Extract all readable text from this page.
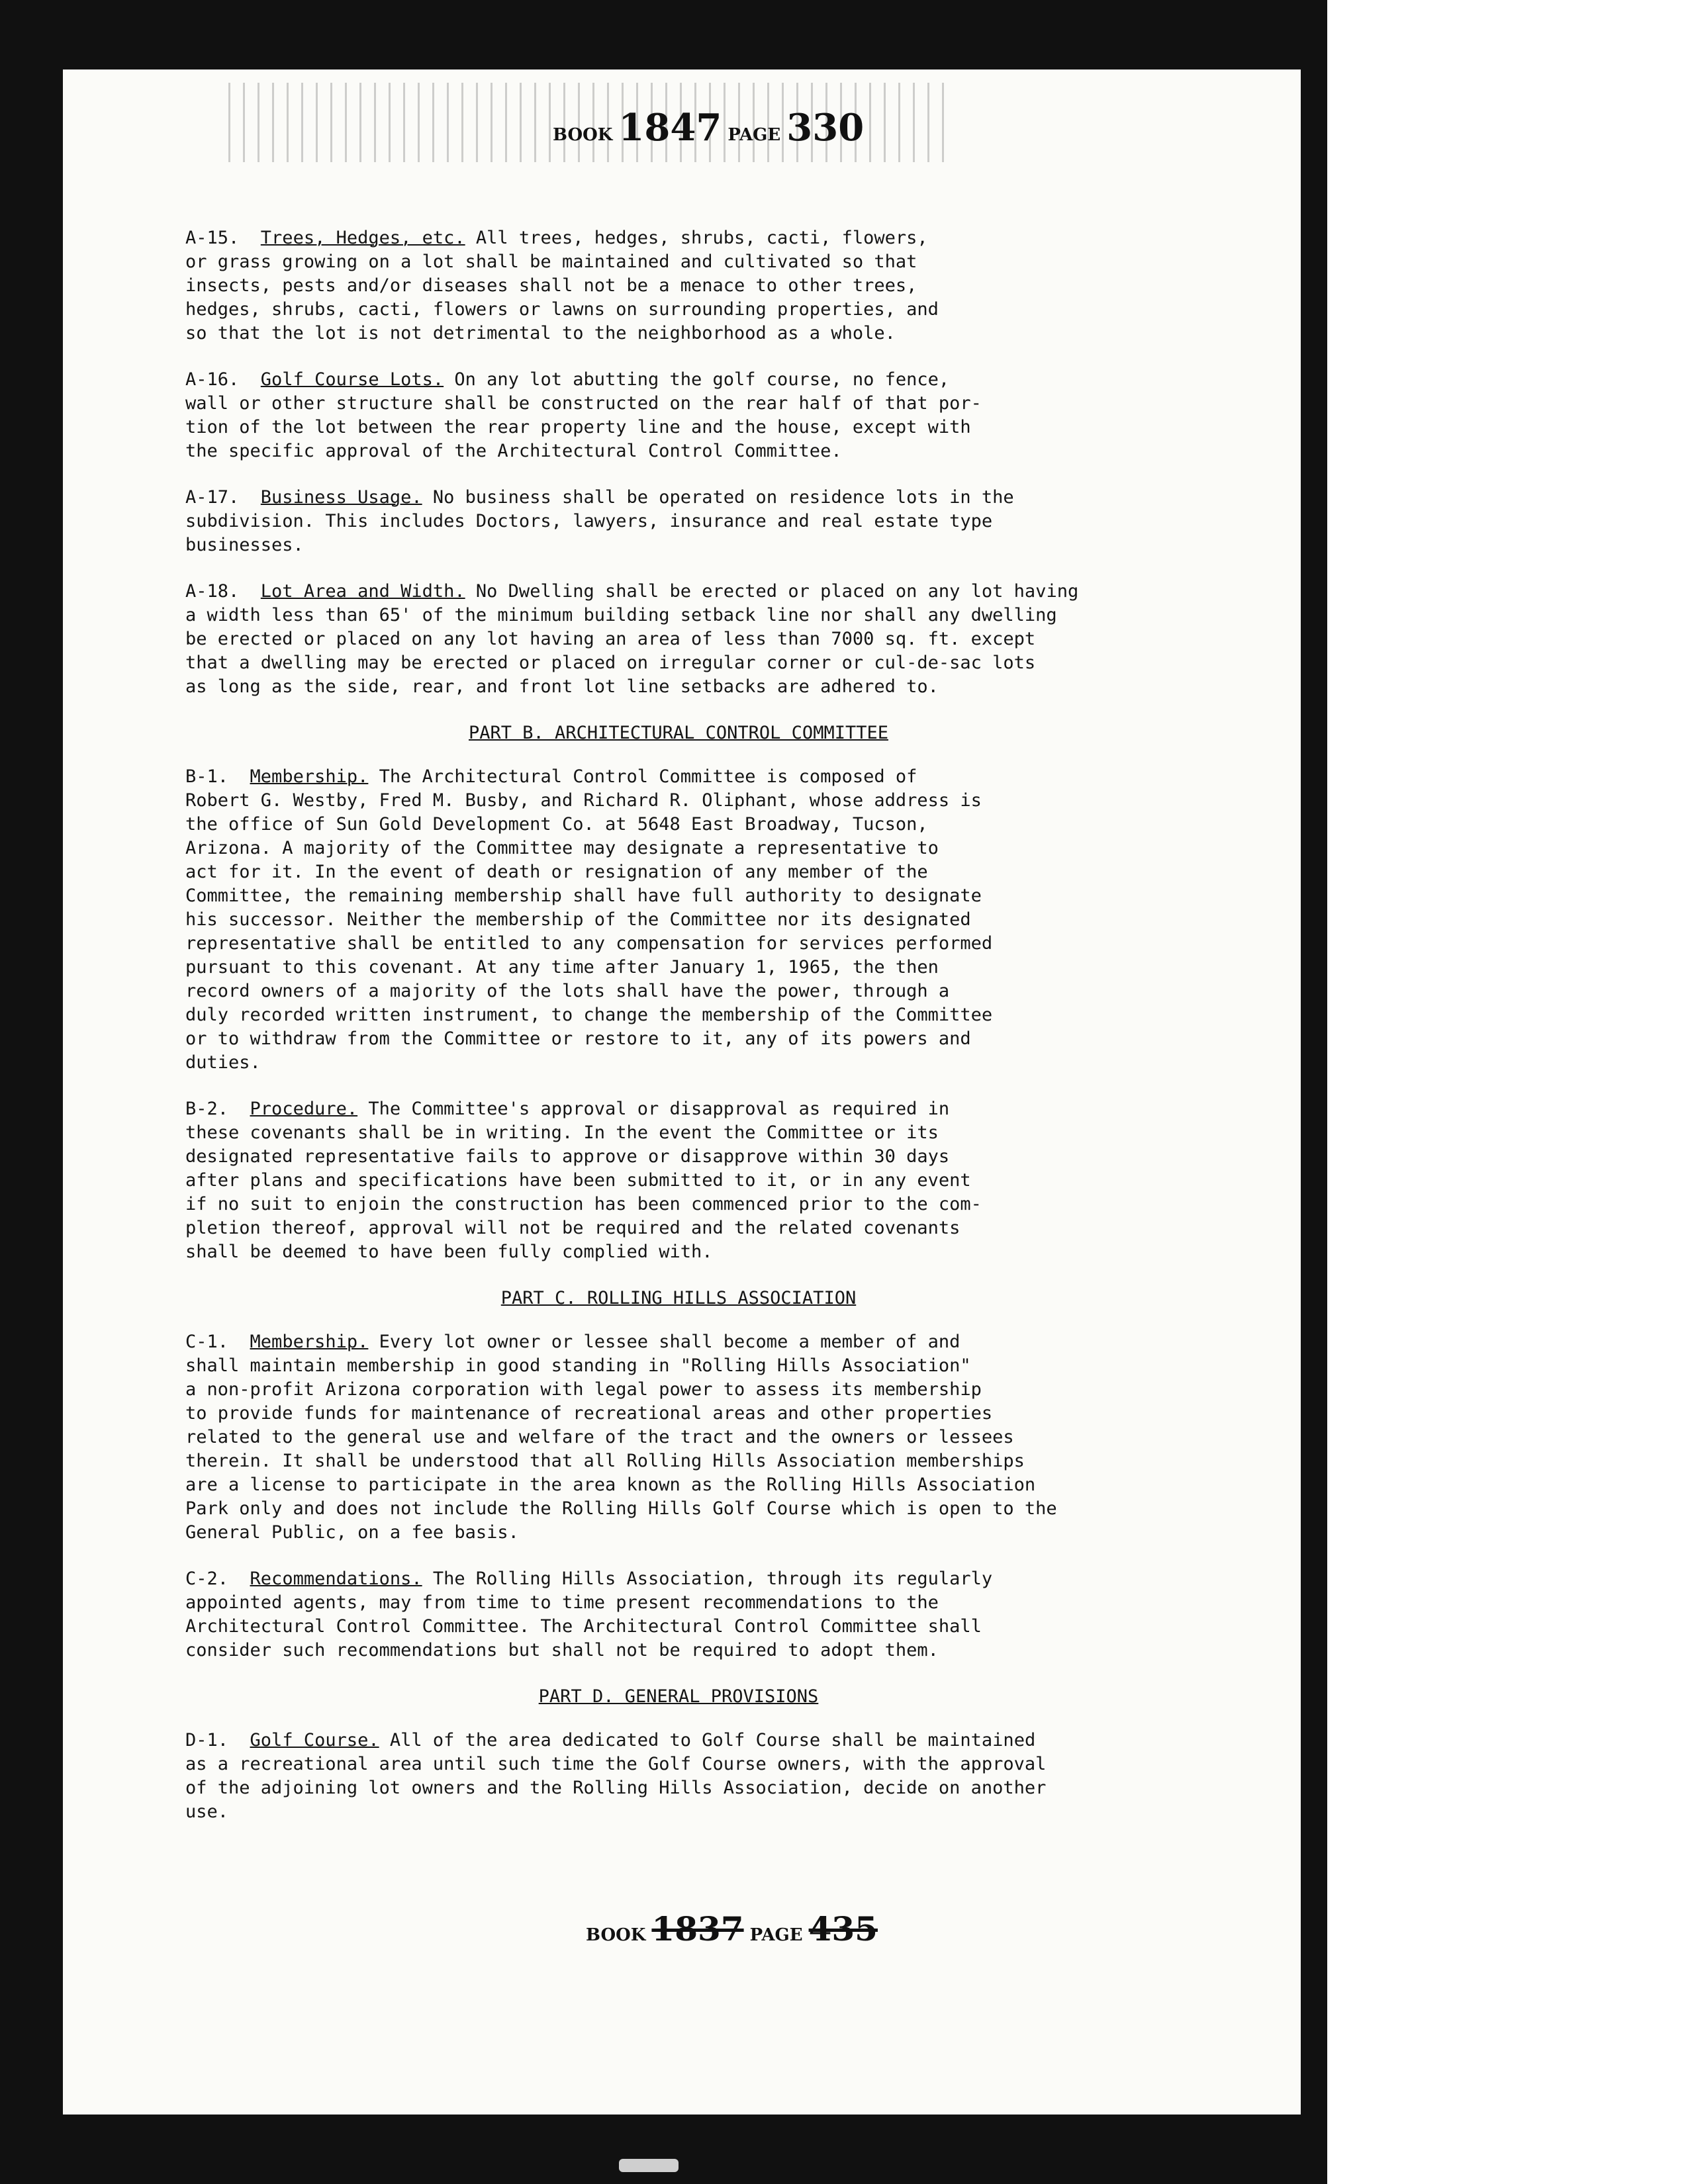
BOOK 1847 PAGE 330
A-15. Trees, Hedges, etc. All trees, hedges, shrubs, cacti, flowers,
or grass growing on a lot shall be maintained and cultivated so that
insects, pests and/or diseases shall not be a menace to other trees,
hedges, shrubs, cacti, flowers or lawns on surrounding properties, and
so that the lot is not detrimental to the neighborhood as a whole.
A-16. Golf Course Lots. On any lot abutting the golf course, no fence,
wall or other structure shall be constructed on the rear half of that por-
tion of the lot between the rear property line and the house, except with
the specific approval of the Architectural Control Committee.
A-17. Business Usage. No business shall be operated on residence lots in the
subdivision. This includes Doctors, lawyers, insurance and real estate type
businesses.
A-18. Lot Area and Width. No Dwelling shall be erected or placed on any lot having
a width less than 65' of the minimum building setback line nor shall any dwelling
be erected or placed on any lot having an area of less than 7000 sq. ft. except
that a dwelling may be erected or placed on irregular corner or cul-de-sac lots
as long as the side, rear, and front lot line setbacks are adhered to.
PART B. ARCHITECTURAL CONTROL COMMITTEE
B-1. Membership. The Architectural Control Committee is composed of
Robert G. Westby, Fred M. Busby, and Richard R. Oliphant, whose address is
the office of Sun Gold Development Co. at 5648 East Broadway, Tucson,
Arizona. A majority of the Committee may designate a representative to
act for it. In the event of death or resignation of any member of the
Committee, the remaining membership shall have full authority to designate
his successor. Neither the membership of the Committee nor its designated
representative shall be entitled to any compensation for services performed
pursuant to this covenant. At any time after January 1, 1965, the then
record owners of a majority of the lots shall have the power, through a
duly recorded written instrument, to change the membership of the Committee
or to withdraw from the Committee or restore to it, any of its powers and
duties.
B-2. Procedure. The Committee's approval or disapproval as required in
these covenants shall be in writing. In the event the Committee or its
designated representative fails to approve or disapprove within 30 days
after plans and specifications have been submitted to it, or in any event
if no suit to enjoin the construction has been commenced prior to the com-
pletion thereof, approval will not be required and the related covenants
shall be deemed to have been fully complied with.
PART C. ROLLING HILLS ASSOCIATION
C-1. Membership. Every lot owner or lessee shall become a member of and
shall maintain membership in good standing in "Rolling Hills Association"
a non-profit Arizona corporation with legal power to assess its membership
to provide funds for maintenance of recreational areas and other properties
related to the general use and welfare of the tract and the owners or lessees
therein. It shall be understood that all Rolling Hills Association memberships
are a license to participate in the area known as the Rolling Hills Association
Park only and does not include the Rolling Hills Golf Course which is open to the
General Public, on a fee basis.
C-2. Recommendations. The Rolling Hills Association, through its regularly
appointed agents, may from time to time present recommendations to the
Architectural Control Committee. The Architectural Control Committee shall
consider such recommendations but shall not be required to adopt them.
PART D. GENERAL PROVISIONS
D-1. Golf Course. All of the area dedicated to Golf Course shall be maintained
as a recreational area until such time the Golf Course owners, with the approval
of the adjoining lot owners and the Rolling Hills Association, decide on another
use.
BOOK 1837 PAGE 435
